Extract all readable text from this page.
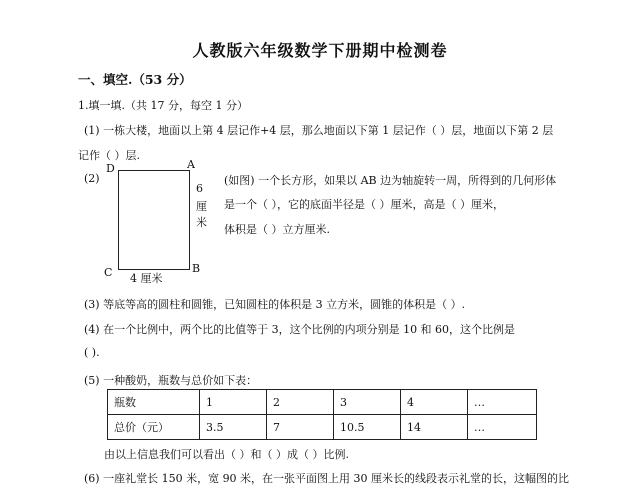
人教版六年级数学下册期中检测卷
一、填空.（53 分）
1.填一填.（共 17 分，每空 1 分）
(1) 一栋大楼，地面以上第 4 层记作+4 层，那么地面以下第 1 层记作（ ）层，地面以下第 2 层
记作（ ）层.
(2)
D	A
C	B
6
厘
米
4 厘米
(如图) 一个长方形，如果以 AB 边为轴旋转一周，所得到的几何形体
是一个（ ），它的底面半径是（ ）厘米，高是（ ）厘米，
体积是（ ）立方厘米.
(3) 等底等高的圆柱和圆锥，已知圆柱的体积是 3 立方米，圆锥的体积是（ ）.
(4) 在一个比例中，两个比的比值等于 3，这个比例的内项分别是 10 和 60，这个比例是
( ).
(5) 一种酸奶，瓶数与总价如下表：
瓶数	1	2	3	4	…
总价（元）	3.5	7	10.5	14	…
由以上信息我们可以看出（ ）和（ ）成（ ）比例.
(6) 一座礼堂长 150 米，宽 90 米，在一张平面图上用 30 厘米长的线段表示礼堂的长，这幅图的比
